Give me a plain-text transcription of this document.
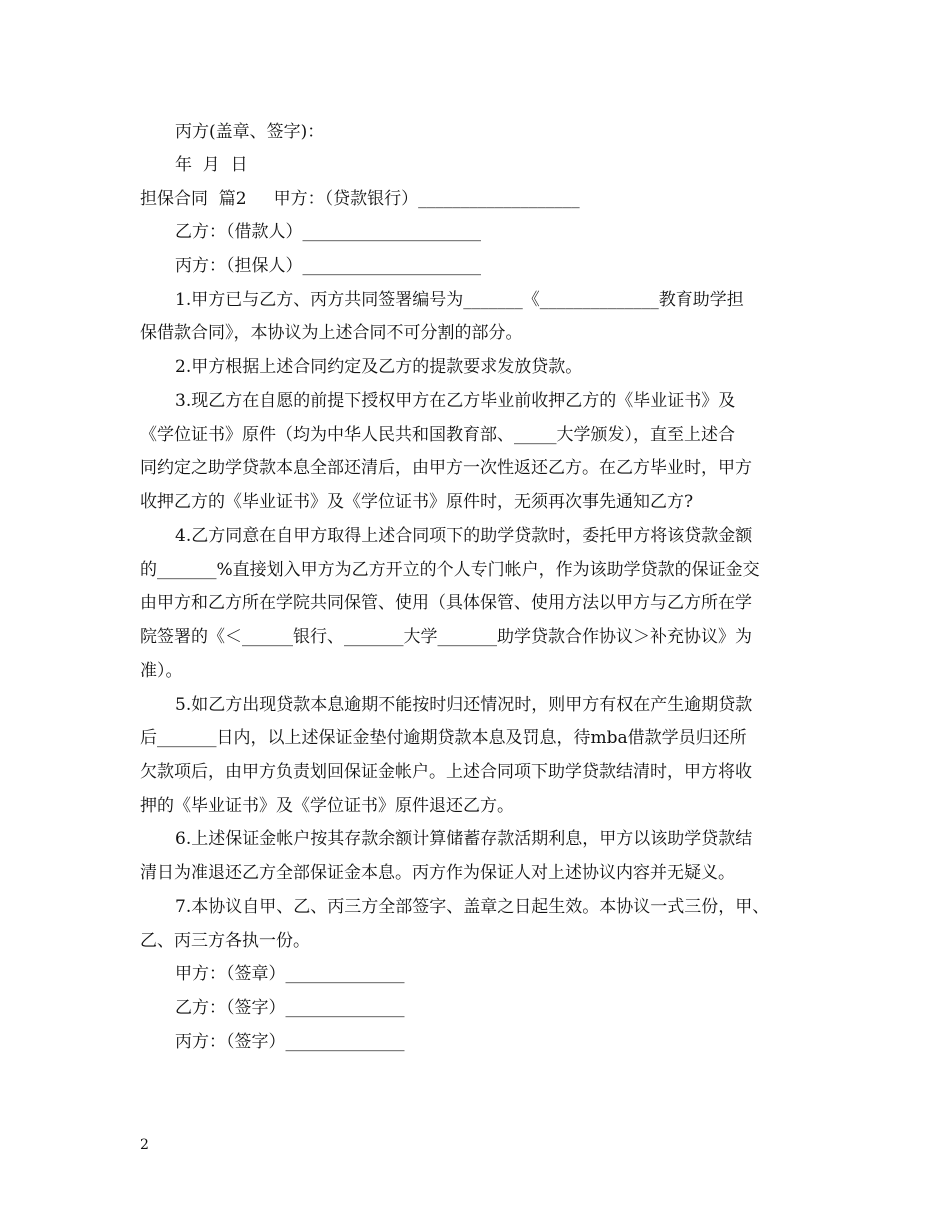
丙方(盖章、签字)：
年  月  日
担保合同  篇2     甲方：（贷款银行）___________________
乙方：（借款人）_____________________
丙方：（担保人）_____________________
1.甲方已与乙方、丙方共同签署编号为_______《______________教育助学担
保借款合同》，本协议为上述合同不可分割的部分。
2.甲方根据上述合同约定及乙方的提款要求发放贷款。
3.现乙方在自愿的前提下授权甲方在乙方毕业前收押乙方的《毕业证书》及
《学位证书》原件（均为中华人民共和国教育部、_____大学颁发），直至上述合
同约定之助学贷款本息全部还清后，由甲方一次性返还乙方。在乙方毕业时，甲方
收押乙方的《毕业证书》及《学位证书》原件时，无须再次事先通知乙方?
4.乙方同意在自甲方取得上述合同项下的助学贷款时，委托甲方将该贷款金额
的_______%直接划入甲方为乙方开立的个人专门帐户，作为该助学贷款的保证金交
由甲方和乙方所在学院共同保管、使用（具体保管、使用方法以甲方与乙方所在学
院签署的《＜______银行、_______大学_______助学贷款合作协议＞补充协议》为
准）。
5.如乙方出现贷款本息逾期不能按时归还情况时，则甲方有权在产生逾期贷款
后_______日内，以上述保证金垫付逾期贷款本息及罚息，待mba借款学员归还所
欠款项后，由甲方负责划回保证金帐户。上述合同项下助学贷款结清时，甲方将收
押的《毕业证书》及《学位证书》原件退还乙方。
6.上述保证金帐户按其存款余额计算储蓄存款活期利息，甲方以该助学贷款结
清日为准退还乙方全部保证金本息。丙方作为保证人对上述协议内容并无疑义。
7.本协议自甲、乙、丙三方全部签字、盖章之日起生效。本协议一式三份，甲、
乙、丙三方各执一份。
甲方：（签章）______________
乙方：（签字）______________
丙方：（签字）______________
2
